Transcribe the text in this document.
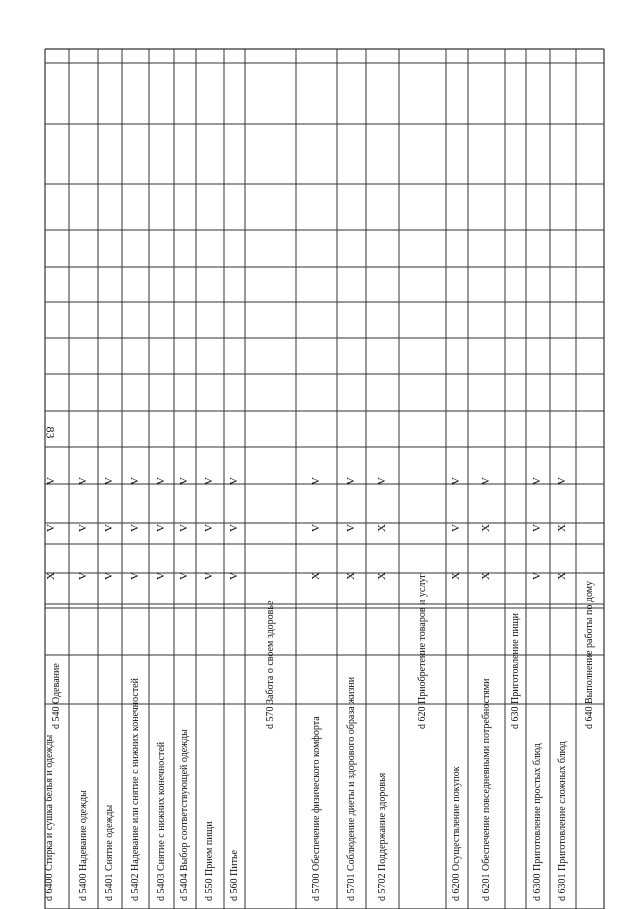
83
d 540 Одевание
d 5400 Надевание одежды
V
V
V
d 5401 Снятие одежды
V
V
V
d 5402 Надевание или снятие с нижних конечностей
V
V
V
d 5403 Снятие с нижних конечностей
V
V
V
d 5404 Выбор соответствующей одежды
V
V
V
d 550 Прием пищи
V
V
V
d 560 Питье
V
V
V
d 570 Забота о своем здоровье
d 5700 Обеспечение физического комфорта
X
V
V
d 5701 Соблюдение диеты и здорового образа жизни
X
V
V
d 5702 Поддержание здоровья
X
X
V
d 620 Приобретение товаров и услуг
d 6200 Осуществление покупок
X
V
V
d 6201 Обеспечение повседневными потребностями
X
X
V
d 630 Приготовление пищи
d 6300 Приготовление простых блюд
V
V
V
d 6301 Приготовление сложных блюд
X
X
V
d 640 Выполнение работы по дому
d 6400 Стирка и сушка белья и одежды
X
V
V
